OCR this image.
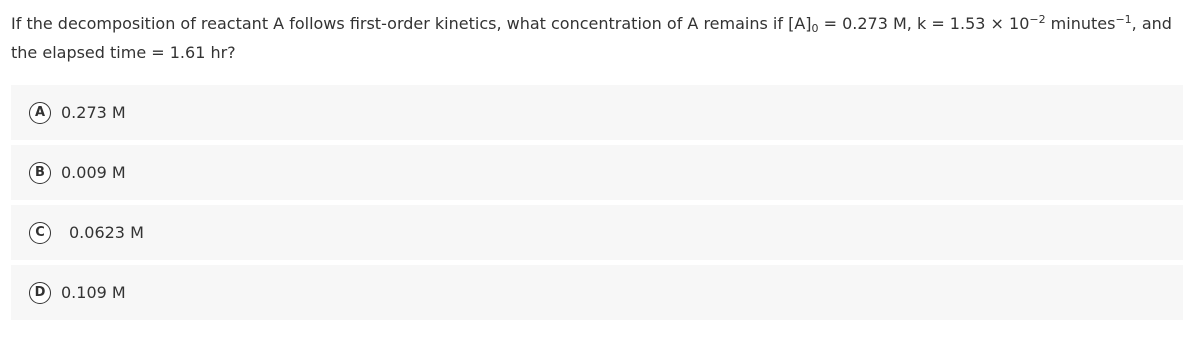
If the decomposition of reactant A follows first-order kinetics, what concentration of A remains if $[A]_0 = 0.273$ M, $k = 1.53 \times 10^{-2}$ minutes$^{-1}$, and the elapsed time = 1.61 hr?
A 0.273 M
B	0.009 M
C	0.0623 M
D 0.109 M
